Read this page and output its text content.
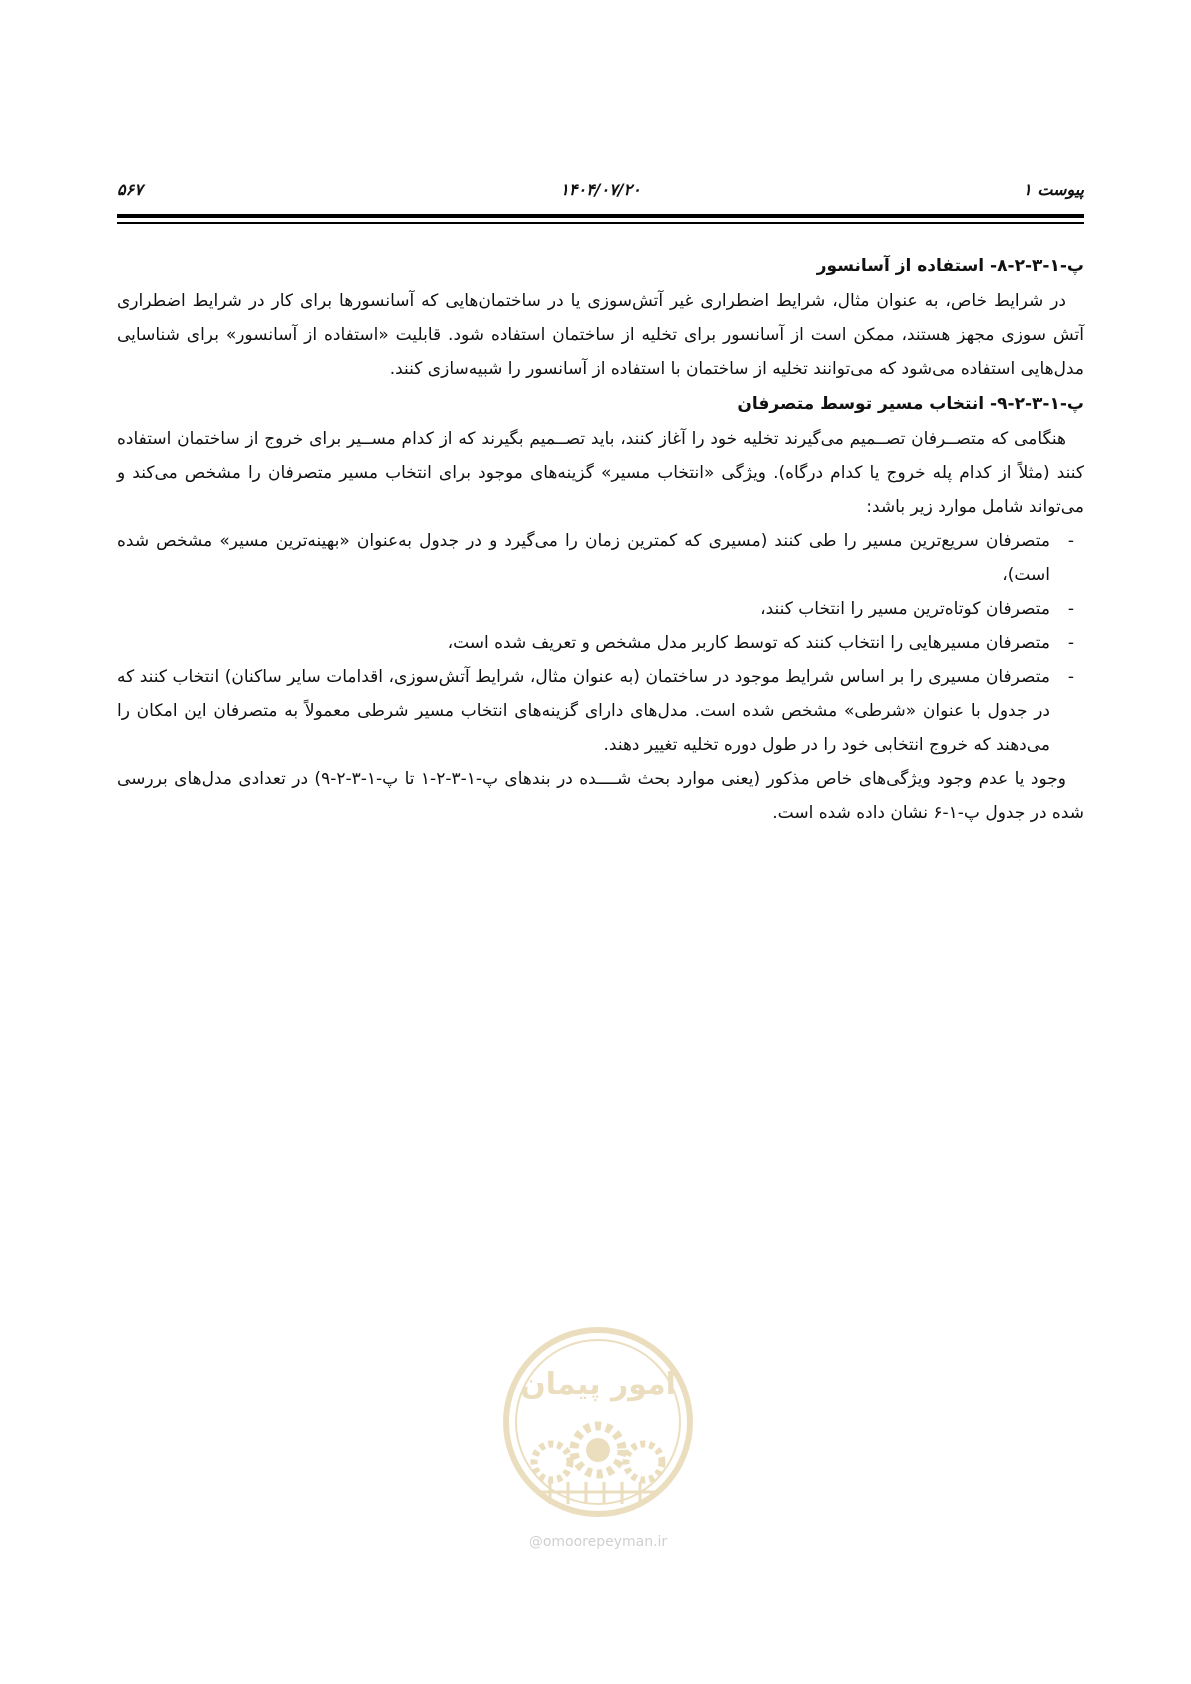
پیوست ۱
۱۴۰۴/۰۷/۲۰
۵۶۷
پ-۱-۳-۲-۸- استفاده از آسانسور

در شرایط خاص، به عنوان مثال، شرایط اضطراری غیر آتش‌سوزی یا در ساختمان‌هایی که آسانسورها برای کار در شرایط اضطراری آتش سوزی مجهز هستند، ممکن است از آسانسور برای تخلیه از ساختمان استفاده شود. قابلیت «استفاده از آسانسور» برای شناسایی مدل‌هایی استفاده می‌شود که می‌توانند تخلیه از ساختمان با استفاده از آسانسور را شبیه‌سازی کنند.

پ-۱-۳-۲-۹- انتخاب مسیر توسط متصرفان

هنگامی که متصــرفان تصــمیم می‌گیرند تخلیه خود را آغاز کنند، باید تصــمیم بگیرند که از کدام مســیر برای خروج از ساختمان استفاده کنند (مثلاً از کدام پله خروج یا کدام درگاه). ویژگی «انتخاب مسیر» گزینه‌های موجود برای انتخاب مسیر متصرفان را مشخص می‌کند و می‌تواند شامل موارد زیر باشد:

-
متصرفان سریع‌ترین مسیر را طی کنند (مسیری که کمترین زمان را می‌گیرد و در جدول به‌عنوان «بهینه‌ترین مسیر» مشخص شده است)،
-
متصرفان کوتاه‌ترین مسیر را انتخاب کنند،
-
متصرفان مسیرهایی را انتخاب کنند که توسط کاربر مدل مشخص و تعریف شده است،
-
متصرفان مسیری را بر اساس شرایط موجود در ساختمان (به عنوان مثال، شرایط آتش‌سوزی، اقدامات سایر ساکنان) انتخاب کنند که در جدول با عنوان «شرطی» مشخص شده است. مدل‌های دارای گزینه‌های انتخاب مسیر شرطی معمولاً به متصرفان این امکان را می‌دهند که خروج انتخابی خود را در طول دوره تخلیه تغییر دهند.

وجود یا عدم وجود ویژگی‌های خاص مذکور (یعنی موارد بحث شــــده در بندهای پ-۱-۳-۲-۱ تا پ-۱-۳-۲-۹) در تعدادی مدل‌های بررسی شده در جدول پ-۱-۶ نشان داده شده است.

امور پیمان
@omoorepeyman.ir
